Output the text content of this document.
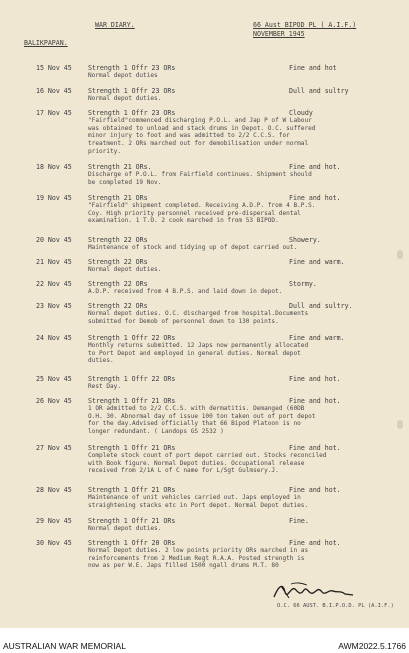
WAR DIARY.	66 Aust BIPOD PL ( A.I.F.)
NOVEMBER 1945
BALIKPAPAN.
15 Nov 45 Strength 1 Offr 23 ORs	Fine and hot
Normal depot duties
16 Nov 45 Strength 1 Offr 23 ORs	Dull and sultry
Normal depot duties.
17 Nov 45 Strength 1 Offr 23 ORs	Cloudy
"Fairfield"commenced discharging P.O.L. and Jap P of W Labour
was obtained to unload and stack drums in Depot. O.C. suffered
minor injury to foot and was admitted to 2/2 C.C.S. for
treatment. 2 ORs marched out for demobilisation under normal
priority.
18 Nov 45 Strength 21 ORs.	Fine and hot.
Discharge of P.O.L. from Fairfield continues. Shipment should
be completed 19 Nov.
19 Nov 45 Strength 21 ORs	Fine and hot.
"Fairfield" shipment completed. Receiving A.D.P. from 4 B.P.S.
Coy. High priority personnel received pre-dispersal dental
examination. 1 T.O. 2 cook marched in from 53 BIPOD.
20 Nov 45 Strength 22 ORs	Showery.
Maintenance of stock and tidying up of depot carried out.
21 Nov 45 Strength 22 ORs	Fine and warm.
Normal depot duties.
22 Nov 45 Strength 22 ORs	Stormy.
A.D.P. received from 4 B.P.S. and laid down in depot.
23 Nov 45 Strength 22 ORs	Dull and sultry.
Normal depot duties. O.C. discharged from hospital.Documents
submitted for Demob of personnel down to 130 points.
24 Nov 45 Strength 1 Offr 22 ORs	Fine and warm.
Monthly returns submitted. 12 Japs now permanently allocated
to Port Depot and employed in general duties. Normal depot
duties.
25 Nov 45 Strength 1 Offr 22 ORs	Fine and hot.
Rest Day.
26 Nov 45 Strength 1 Offr 21 ORs	Fine and hot.
1 OR admitted to 2/2 C.C.S. with dermatitis. Demanged (60DB
O.H. 30. Abnormal day of issue 100 ton taken out of port depot
for the day.Advised officially that 66 Bipod Platoon is no
longer redundant. ( Landops GS 2532 )
27 Nov 45 Strength 1 Offr 21 ORs	Fine and hot.
Complete stock count of port depot carried out. Stocks reconciled
with Book figure. Normal Depot duties. Occupational release
received from 2/1A L of C name for L/Sgt Gulmsery.J.
28 Nov 45 Strength 1 Offr 21 ORs	Fine and hot.
Maintenance of unit vehicles carried out. Japs employed in
straightening stacks etc in Port depot. Normal Depot duties.
29 Nov 45 Strength 1 Offr 21 ORs	Fine.
Normal depot duties.
30 Nov 45 Strength 1 Offr 20 ORs	Fine and hot.
Normal Depot duties. 2 low points priority ORs marched in as
reinforcements from 2 Medium Regt R.A.A. Posted strength is
now as per W.E. Japs filled 1500 ngall drums M.T. 80
O.C. 66 AUST. B.I.P.O.D. PL (A.I.F.)
AUSTRALIAN WAR MEMORIAL	AWM2022.5.1766
